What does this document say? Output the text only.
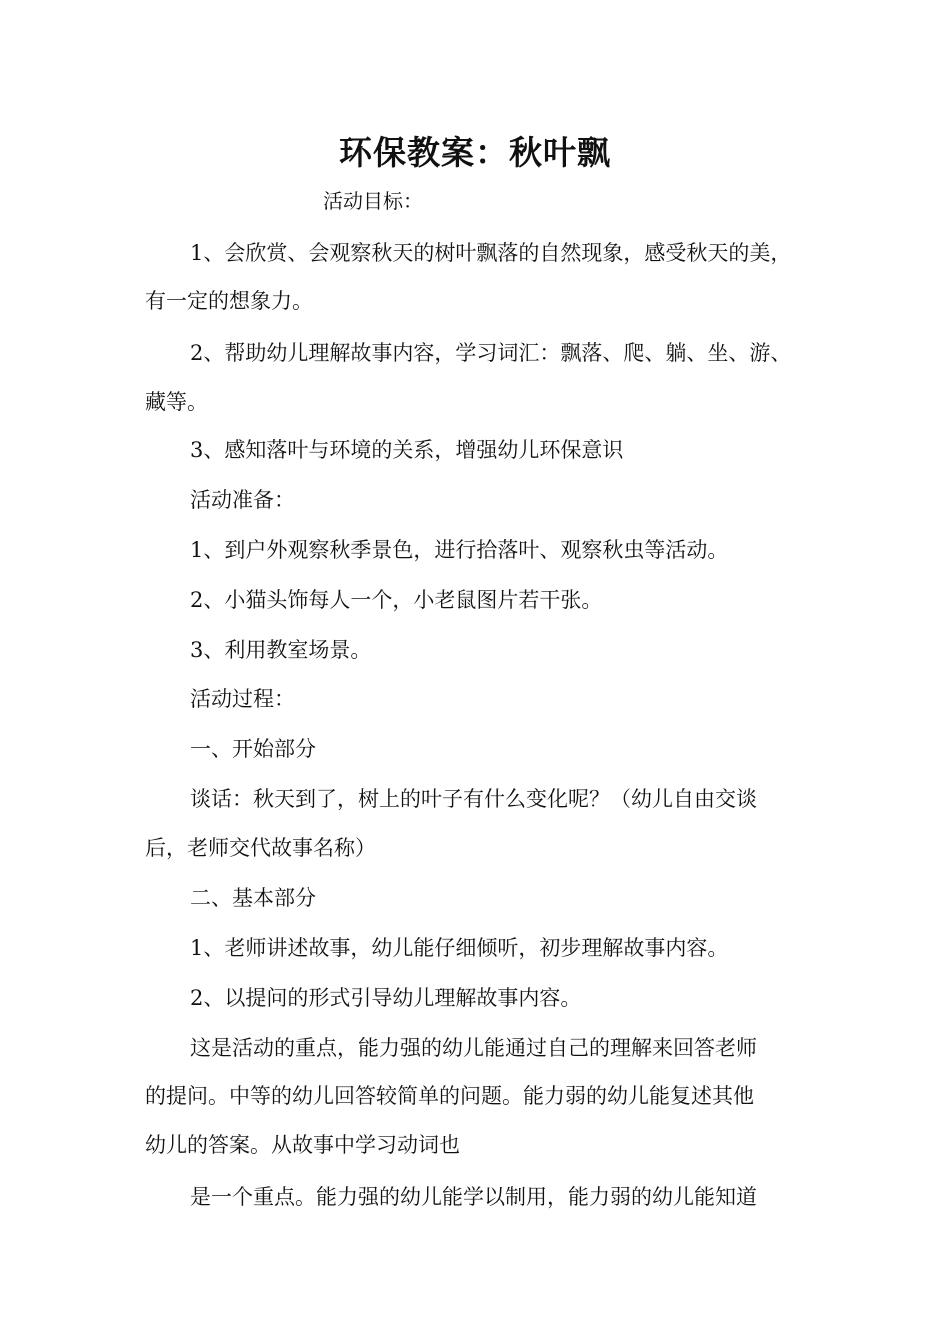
环保教案：秋叶飘
活动目标：
1、会欣赏、会观察秋天的树叶飘落的自然现象，感受秋天的美，
有一定的想象力。
2、帮助幼儿理解故事内容，学习词汇：飘落、爬、躺、坐、游、
藏等。
3、感知落叶与环境的关系，增强幼儿环保意识
活动准备：
1、到户外观察秋季景色，进行拾落叶、观察秋虫等活动。
2、小猫头饰每人一个，小老鼠图片若干张。
3、利用教室场景。
活动过程：
一、开始部分
谈话：秋天到了，树上的叶子有什么变化呢？（幼儿自由交谈
后，老师交代故事名称）
二、基本部分
1、老师讲述故事，幼儿能仔细倾听，初步理解故事内容。
2、以提问的形式引导幼儿理解故事内容。
这是活动的重点，能力强的幼儿能通过自己的理解来回答老师
的提问。中等的幼儿回答较简单的问题。能力弱的幼儿能复述其他
幼儿的答案。从故事中学习动词也
是一个重点。能力强的幼儿能学以制用，能力弱的幼儿能知道
